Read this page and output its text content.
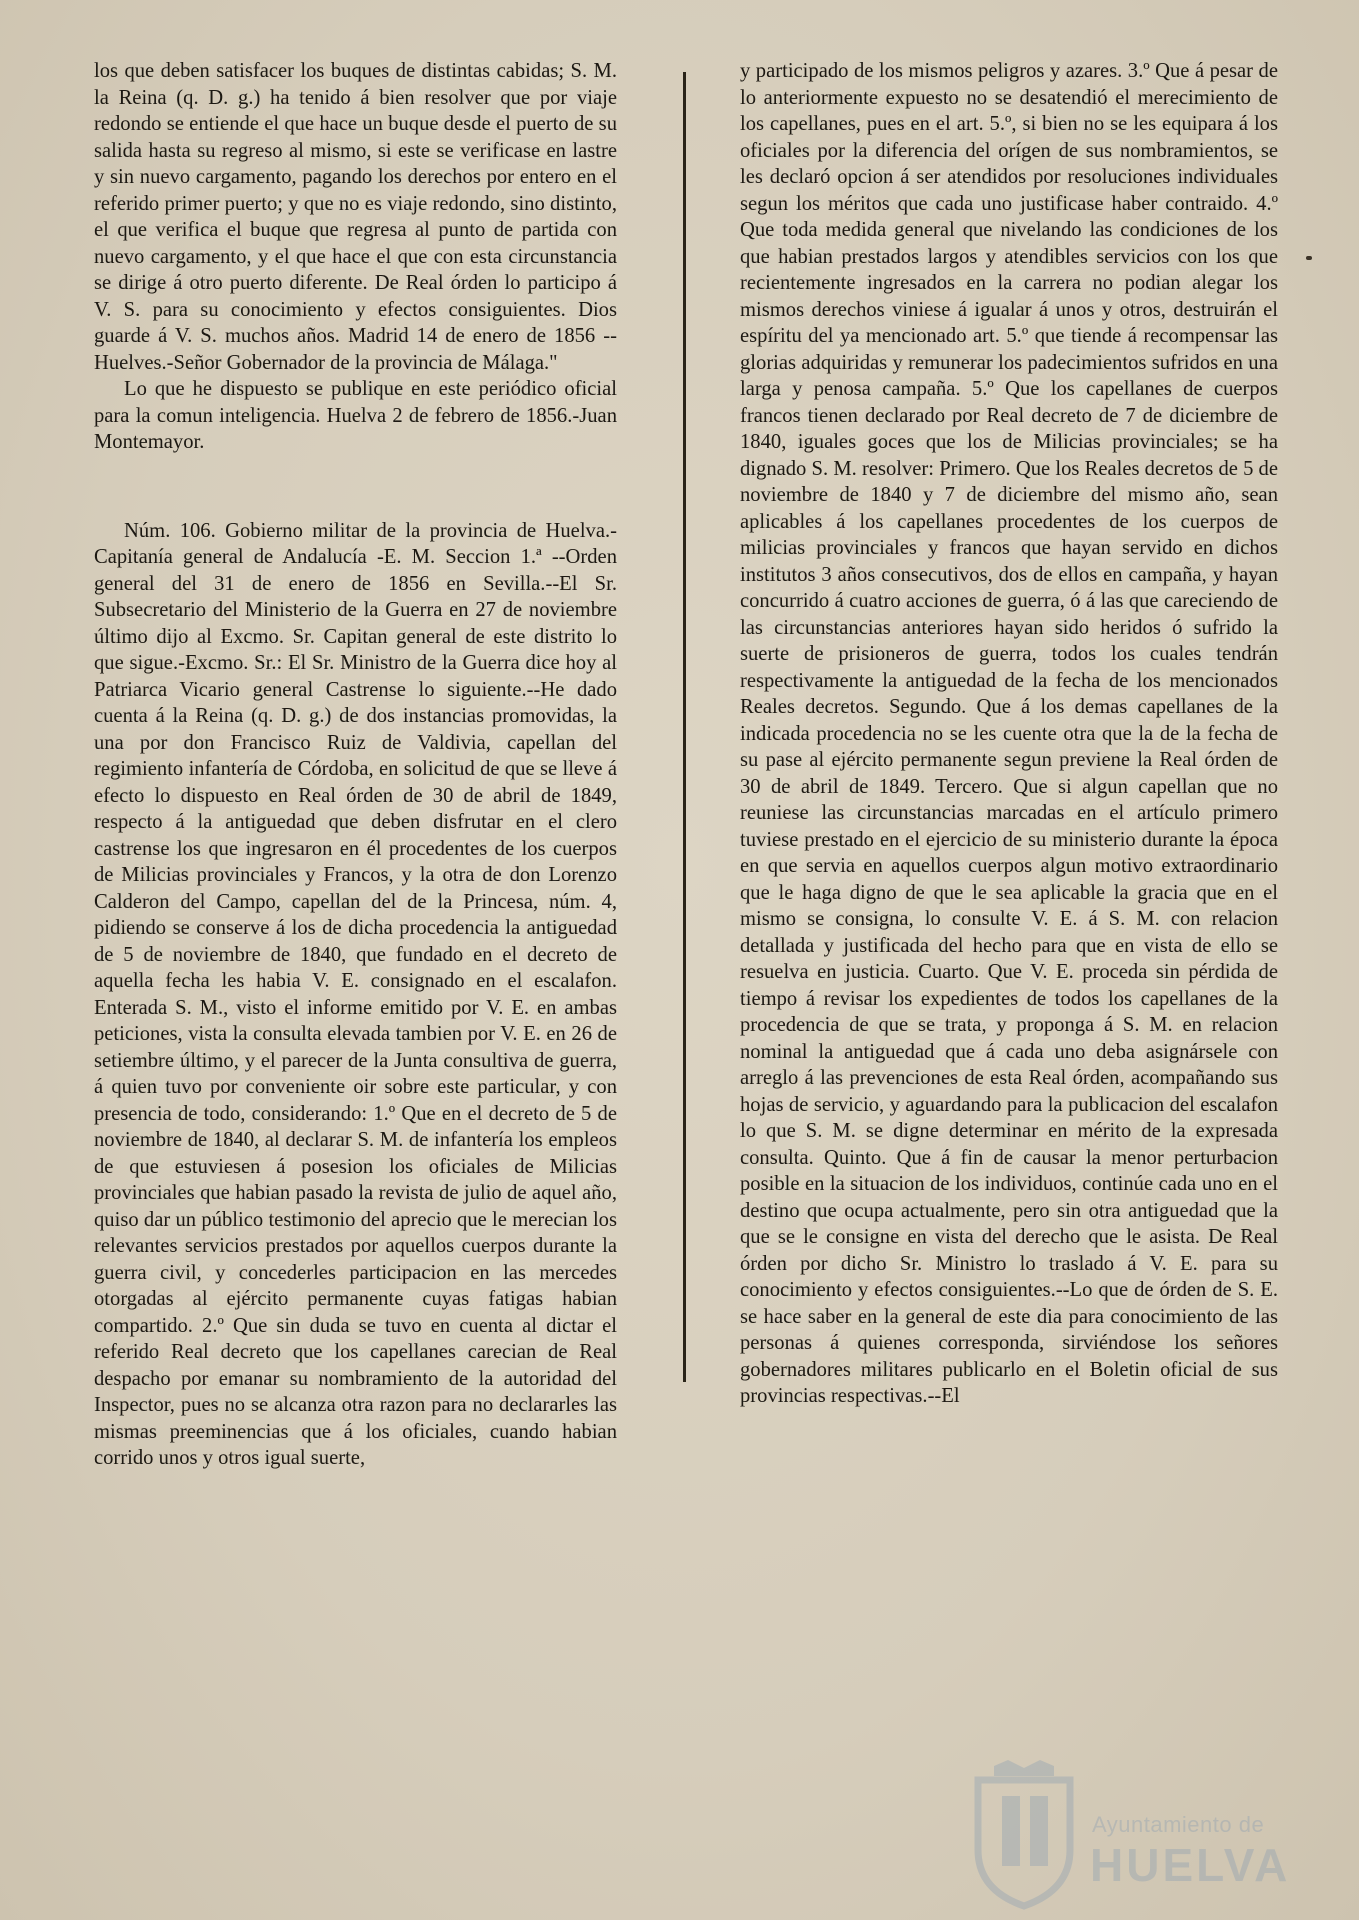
los que deben satisfacer los buques de distintas cabidas; S. M. la Reina (q. D. g.) ha tenido á bien resolver que por viaje redondo se entiende el que hace un buque desde el puerto de su salida hasta su regreso al mismo, si este se verificase en lastre y sin nuevo cargamento, pagando los derechos por entero en el referido primer puerto; y que no es viaje redondo, sino distinto, el que verifica el buque que regresa al punto de partida con nuevo cargamento, y el que hace el que con esta circunstancia se dirige á otro puerto diferente. De Real órden lo participo á V. S. para su conocimiento y efectos consiguientes. Dios guarde á V. S. muchos años. Madrid 14 de enero de 1856 -- Huelves.-Señor Gobernador de la provincia de Málaga."

Lo que he dispuesto se publique en este periódico oficial para la comun inteligencia. Huelva 2 de febrero de 1856.-Juan Montemayor.

Núm. 106. Gobierno militar de la provincia de Huelva.-Capitanía general de Andalucía -E. M. Seccion 1.ª --Orden general del 31 de enero de 1856 en Sevilla.--El Sr. Subsecretario del Ministerio de la Guerra en 27 de noviembre último dijo al Excmo. Sr. Capitan general de este distrito lo que sigue.-Excmo. Sr.: El Sr. Ministro de la Guerra dice hoy al Patriarca Vicario general Castrense lo siguiente.--He dado cuenta á la Reina (q. D. g.) de dos instancias promovidas, la una por don Francisco Ruiz de Valdivia, capellan del regimiento infantería de Córdoba, en solicitud de que se lleve á efecto lo dispuesto en Real órden de 30 de abril de 1849, respecto á la antiguedad que deben disfrutar en el clero castrense los que ingresaron en él procedentes de los cuerpos de Milicias provinciales y Francos, y la otra de don Lorenzo Calderon del Campo, capellan del de la Princesa, núm. 4, pidiendo se conserve á los de dicha procedencia la antiguedad de 5 de noviembre de 1840, que fundado en el decreto de aquella fecha les habia V. E. consignado en el escalafon. Enterada S. M., visto el informe emitido por V. E. en ambas peticiones, vista la consulta elevada tambien por V. E. en 26 de setiembre último, y el parecer de la Junta consultiva de guerra, á quien tuvo por conveniente oir sobre este particular, y con presencia de todo, considerando: 1.º Que en el decreto de 5 de noviembre de 1840, al declarar S. M. de infantería los empleos de que estuviesen á posesion los oficiales de Milicias provinciales que habian pasado la revista de julio de aquel año, quiso dar un público testimonio del aprecio que le merecian los relevantes servicios prestados por aquellos cuerpos durante la guerra civil, y concederles participacion en las mercedes otorgadas al ejército permanente cuyas fatigas habian compartido. 2.º Que sin duda se tuvo en cuenta al dictar el referido Real decreto que los capellanes carecian de Real despacho por emanar su nombramiento de la autoridad del Inspector, pues no se alcanza otra razon para no declararles las mismas preeminencias que á los oficiales, cuando habian corrido unos y otros igual suerte,

y participado de los mismos peligros y azares. 3.º Que á pesar de lo anteriormente expuesto no se desatendió el merecimiento de los capellanes, pues en el art. 5.º, si bien no se les equipara á los oficiales por la diferencia del orígen de sus nombramientos, se les declaró opcion á ser atendidos por resoluciones individuales segun los méritos que cada uno justificase haber contraido. 4.º Que toda medida general que nivelando las condiciones de los que habian prestados largos y atendibles servicios con los que recientemente ingresados en la carrera no podian alegar los mismos derechos viniese á igualar á unos y otros, destruirán el espíritu del ya mencionado art. 5.º que tiende á recompensar las glorias adquiridas y remunerar los padecimientos sufridos en una larga y penosa campaña. 5.º Que los capellanes de cuerpos francos tienen declarado por Real decreto de 7 de diciembre de 1840, iguales goces que los de Milicias provinciales; se ha dignado S. M. resolver: Primero. Que los Reales decretos de 5 de noviembre de 1840 y 7 de diciembre del mismo año, sean aplicables á los capellanes procedentes de los cuerpos de milicias provinciales y francos que hayan servido en dichos institutos 3 años consecutivos, dos de ellos en campaña, y hayan concurrido á cuatro acciones de guerra, ó á las que careciendo de las circunstancias anteriores hayan sido heridos ó sufrido la suerte de prisioneros de guerra, todos los cuales tendrán respectivamente la antiguedad de la fecha de los mencionados Reales decretos. Segundo. Que á los demas capellanes de la indicada procedencia no se les cuente otra que la de la fecha de su pase al ejército permanente segun previene la Real órden de 30 de abril de 1849. Tercero. Que si algun capellan que no reuniese las circunstancias marcadas en el artículo primero tuviese prestado en el ejercicio de su ministerio durante la época en que servia en aquellos cuerpos algun motivo extraordinario que le haga digno de que le sea aplicable la gracia que en el mismo se consigna, lo consulte V. E. á S. M. con relacion detallada y justificada del hecho para que en vista de ello se resuelva en justicia. Cuarto. Que V. E. proceda sin pérdida de tiempo á revisar los expedientes de todos los capellanes de la procedencia de que se trata, y proponga á S. M. en relacion nominal la antiguedad que á cada uno deba asignársele con arreglo á las prevenciones de esta Real órden, acompañando sus hojas de servicio, y aguardando para la publicacion del escalafon lo que S. M. se digne determinar en mérito de la expresada consulta. Quinto. Que á fin de causar la menor perturbacion posible en la situacion de los individuos, continúe cada uno en el destino que ocupa actualmente, pero sin otra antiguedad que la que se le consigne en vista del derecho que le asista. De Real órden por dicho Sr. Ministro lo traslado á V. E. para su conocimiento y efectos consiguientes.--Lo que de órden de S. E. se hace saber en la general de este dia para conocimiento de las personas á quienes corresponda, sirviéndose los señores gobernadores militares publicarlo en el Boletin oficial de sus provincias respectivas.--El

Ayuntamiento de
HUELVA
